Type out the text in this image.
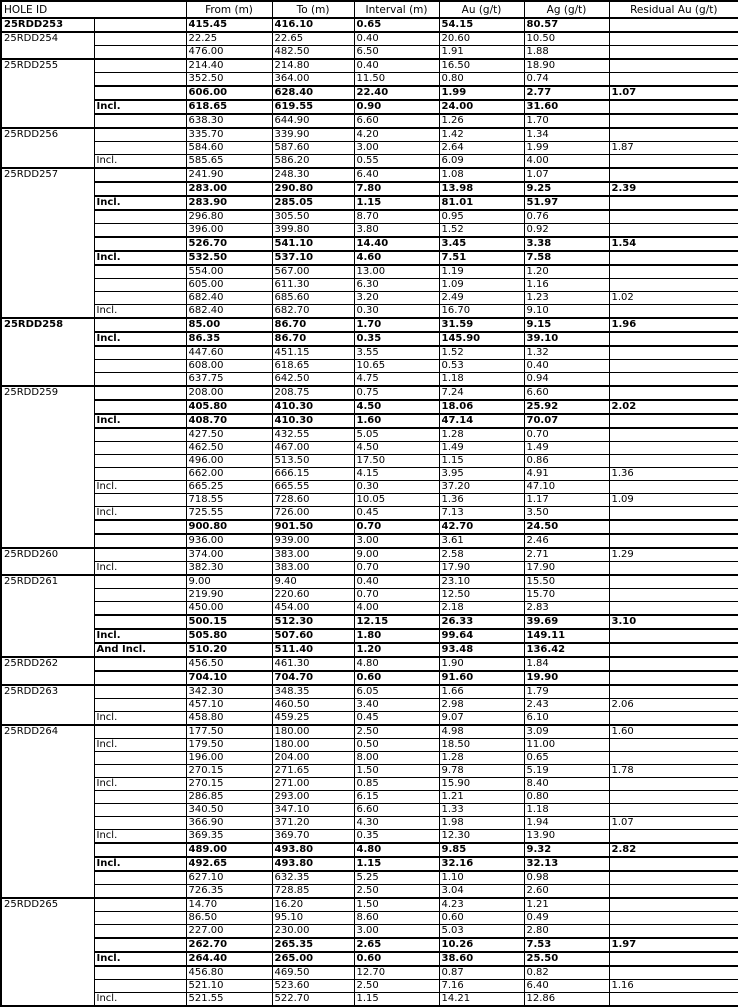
HOLE ID		From (m)	To (m)	Interval (m)	Au (g/t)	Ag (g/t)	Residual Au (g/t)
25RDD253		415.45	416.10	0.65	54.15	80.57	
25RDD254		22.25	22.65	0.40	20.60	10.50	
		476.00	482.50	6.50	1.91	1.88	
25RDD255		214.40	214.80	0.40	16.50	18.90	
		352.50	364.00	11.50	0.80	0.74	
		606.00	628.40	22.40	1.99	2.77	1.07
	Incl.	618.65	619.55	0.90	24.00	31.60	
		638.30	644.90	6.60	1.26	1.70	
25RDD256		335.70	339.90	4.20	1.42	1.34	
		584.60	587.60	3.00	2.64	1.99	1.87
	Incl.	585.65	586.20	0.55	6.09	4.00	
25RDD257		241.90	248.30	6.40	1.08	1.07	
		283.00	290.80	7.80	13.98	9.25	2.39
	Incl.	283.90	285.05	1.15	81.01	51.97	
		296.80	305.50	8.70	0.95	0.76	
		396.00	399.80	3.80	1.52	0.92	
		526.70	541.10	14.40	3.45	3.38	1.54
	Incl.	532.50	537.10	4.60	7.51	7.58	
		554.00	567.00	13.00	1.19	1.20	
		605.00	611.30	6.30	1.09	1.16	
		682.40	685.60	3.20	2.49	1.23	1.02
	Incl.	682.40	682.70	0.30	16.70	9.10	
25RDD258		85.00	86.70	1.70	31.59	9.15	1.96
	Incl.	86.35	86.70	0.35	145.90	39.10	
		447.60	451.15	3.55	1.52	1.32	
		608.00	618.65	10.65	0.53	0.40	
		637.75	642.50	4.75	1.18	0.94	
25RDD259		208.00	208.75	0.75	7.24	6.60	
		405.80	410.30	4.50	18.06	25.92	2.02
	Incl.	408.70	410.30	1.60	47.14	70.07	
		427.50	432.55	5.05	1.28	0.70	
		462.50	467.00	4.50	1.49	1.49	
		496.00	513.50	17.50	1.15	0.86	
		662.00	666.15	4.15	3.95	4.91	1.36
	Incl.	665.25	665.55	0.30	37.20	47.10	
		718.55	728.60	10.05	1.36	1.17	1.09
	Incl.	725.55	726.00	0.45	7.13	3.50	
		900.80	901.50	0.70	42.70	24.50	
		936.00	939.00	3.00	3.61	2.46	
25RDD260		374.00	383.00	9.00	2.58	2.71	1.29
	Incl.	382.30	383.00	0.70	17.90	17.90	
25RDD261		9.00	9.40	0.40	23.10	15.50	
		219.90	220.60	0.70	12.50	15.70	
		450.00	454.00	4.00	2.18	2.83	
		500.15	512.30	12.15	26.33	39.69	3.10
	Incl.	505.80	507.60	1.80	99.64	149.11	
	And Incl.	510.20	511.40	1.20	93.48	136.42	
25RDD262		456.50	461.30	4.80	1.90	1.84	
		704.10	704.70	0.60	91.60	19.90	
25RDD263		342.30	348.35	6.05	1.66	1.79	
		457.10	460.50	3.40	2.98	2.43	2.06
	Incl.	458.80	459.25	0.45	9.07	6.10	
25RDD264		177.50	180.00	2.50	4.98	3.09	1.60
	Incl.	179.50	180.00	0.50	18.50	11.00	
		196.00	204.00	8.00	1.28	0.65	
		270.15	271.65	1.50	9.78	5.19	1.78
	Incl.	270.15	271.00	0.85	15.90	8.40	
		286.85	293.00	6.15	1.21	0.80	
		340.50	347.10	6.60	1.33	1.18	
		366.90	371.20	4.30	1.98	1.94	1.07
	Incl.	369.35	369.70	0.35	12.30	13.90	
		489.00	493.80	4.80	9.85	9.32	2.82
	Incl.	492.65	493.80	1.15	32.16	32.13	
		627.10	632.35	5.25	1.10	0.98	
		726.35	728.85	2.50	3.04	2.60	
25RDD265		14.70	16.20	1.50	4.23	1.21	
		86.50	95.10	8.60	0.60	0.49	
		227.00	230.00	3.00	5.03	2.80	
		262.70	265.35	2.65	10.26	7.53	1.97
	Incl.	264.40	265.00	0.60	38.60	25.50	
		456.80	469.50	12.70	0.87	0.82	
		521.10	523.60	2.50	7.16	6.40	1.16
	Incl.	521.55	522.70	1.15	14.21	12.86	
